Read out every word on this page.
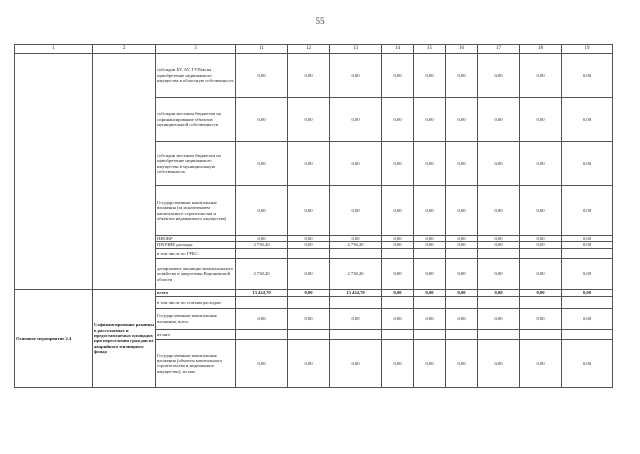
55
1	2	3	11	12	13	14	15	16	17	18	19
		субсидии БУ, АУ, ГУПам на приобретение недвижимого имущества в областную собственность	0,00	0,00	0,00	0,00	0,00	0,00	0,00	0,00	0,00
		субсидии местным бюджетам на софинансирование объектов муниципальной собственности	0,00	0,00	0,00	0,00	0,00	0,00	0,00	0,00	0,00
		субсидии местным бюджетам на приобретение недвижимого имущества в муниципальную собственность	0,00	0,00	0,00	0,00	0,00	0,00	0,00	0,00	0,00
		Государственные капитальные вложения (за исключением капитального строительства и объектов недвижимого имущества)	0,00	0,00	0,00	0,00	0,00	0,00	0,00	0,00	0,00
		НИОКР	0,00	0,00	0,00	0,00	0,00	0,00	0,00	0,00	0,00
		ПРОЧИЕ расходы	2 730,20	0,00	2 730,20	0,00	0,00	0,00	0,00	0,00	0,00
		в том числе по ГРБС:									
		департамент жилищно-коммунального хозяйства и энергетики Воронежской области	2 730,20	0,00	2 730,20	0,00	0,00	0,00	0,00	0,00	0,00
Основное мероприятие 2.4	Софинансирование разницы в расселяемых и предоставляемых площадях при переселении граждан из аварийного жилищного фонда	всего	13 424,70	0,00	13 424,70	0,00	0,00	0,00	0,00	0,00	0,00
		в том числе по статьям расходов:									
		Государственные капитальные вложения, всего	0,00	0,00	0,00	0,00	0,00	0,00	0,00	0,00	0,00
		из них:									
		Государственные капитальные вложения (объекты капитального строительства и недвижимое имущество), из них	0,00	0,00	0,00	0,00	0,00	0,00	0,00	0,00	0,00
